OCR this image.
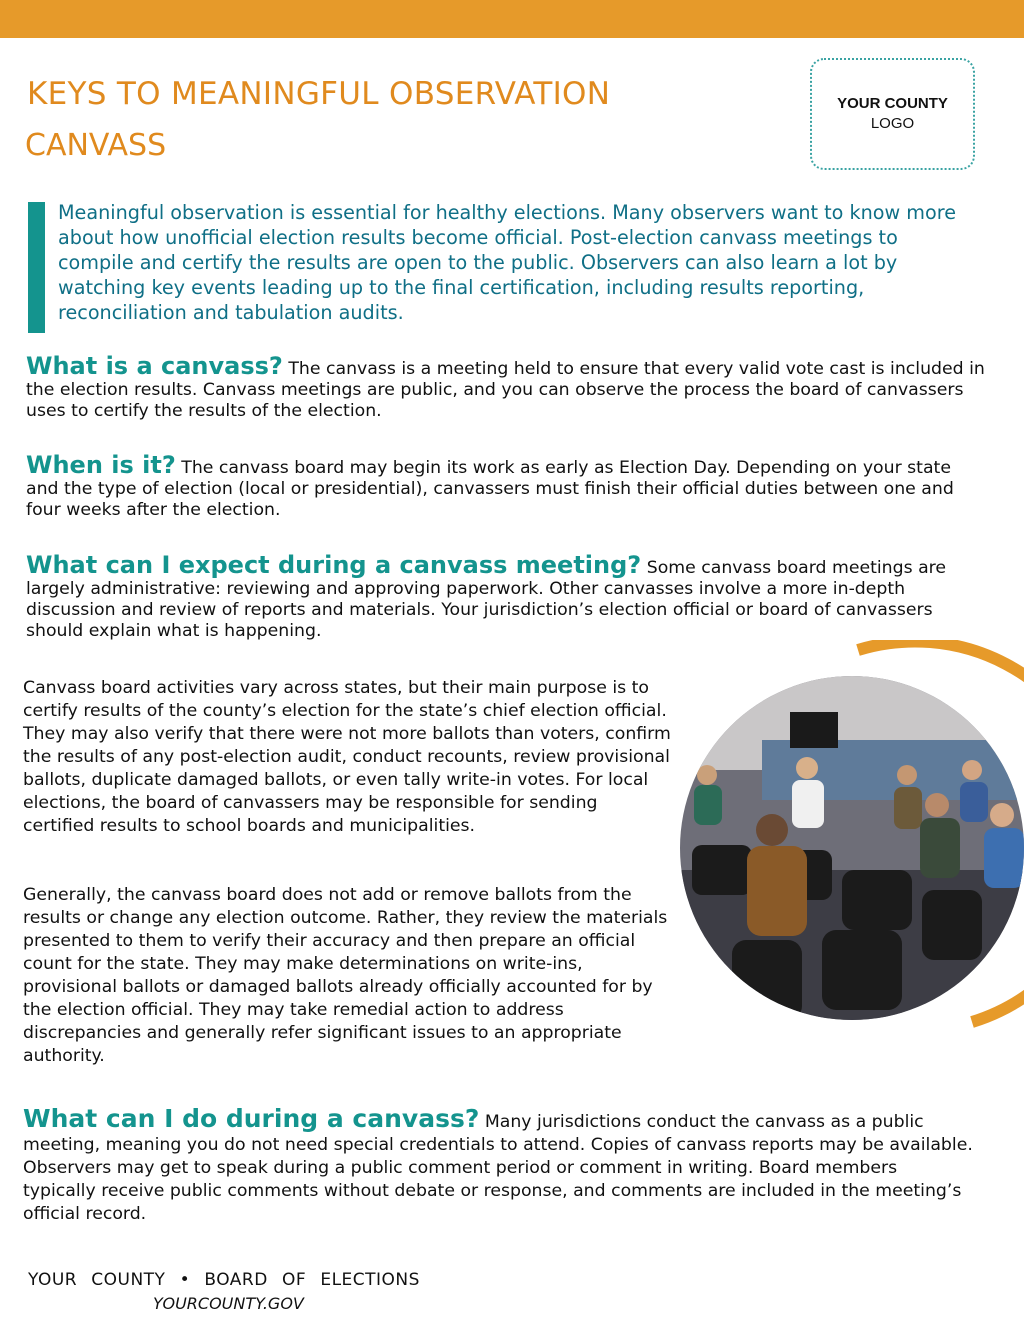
KEYS TO MEANINGFUL OBSERVATION
CANVASS
YOUR COUNTY
LOGO
Meaningful observation is essential for healthy elections. Many observers want to know more about how unofficial election results become official. Post-election canvass meetings to compile and certify the results are open to the public. Observers can also learn a lot by watching key events leading up to the final certification, including results reporting, reconciliation and tabulation audits.
What is a canvass? The canvass is a meeting held to ensure that every valid vote cast is included in the election results. Canvass meetings are public, and you can observe the process the board of canvassers uses to certify the results of the election.
When is it? The canvass board may begin its work as early as Election Day. Depending on your state and the type of election (local or presidential), canvassers must finish their official duties between one and four weeks after the election.
What can I expect during a canvass meeting? Some canvass board meetings are largely administrative: reviewing and approving paperwork. Other canvasses involve a more in-depth discussion and review of reports and materials. Your jurisdiction’s election official or board of canvassers should explain what is happening.
Canvass board activities vary across states, but their main purpose is to certify results of the county’s election for the state’s chief election official. They may also verify that there were not more ballots than voters, confirm the results of any post-election audit, conduct recounts, review provisional ballots, duplicate damaged ballots, or even tally write-in votes. For local elections, the board of canvassers may be responsible for sending certified results to school boards and municipalities.
Generally, the canvass board does not add or remove ballots from the results or change any election outcome. Rather, they review the materials presented to them to verify their accuracy and then prepare an official count for the state. They may make determinations on write-ins, provisional ballots or damaged ballots already officially accounted for by the election official. They may take remedial action to address discrepancies and generally refer significant issues to an appropriate authority.
What can I do during a canvass? Many jurisdictions conduct the canvass as a public meeting, meaning you do not need special credentials to attend. Copies of canvass reports may be available. Observers may get to speak during a public comment period or comment in writing. Board members typically receive public comments without debate or response, and comments are included in the meeting’s official record.
YOUR COUNTY • BOARD OF ELECTIONS
YOURCOUNTY.GOV
